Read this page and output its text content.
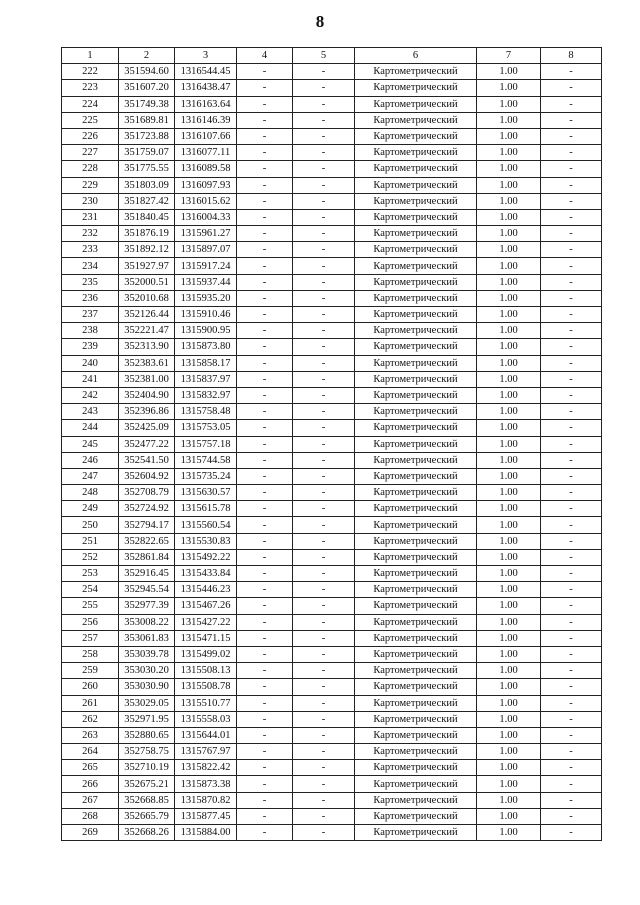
8
1	2	3	4	5	6	7	8
222	351594.60	1316544.45	-	-	Картометрический	1.00	-
223	351607.20	1316438.47	-	-	Картометрический	1.00	-
224	351749.38	1316163.64	-	-	Картометрический	1.00	-
225	351689.81	1316146.39	-	-	Картометрический	1.00	-
226	351723.88	1316107.66	-	-	Картометрический	1.00	-
227	351759.07	1316077.11	-	-	Картометрический	1.00	-
228	351775.55	1316089.58	-	-	Картометрический	1.00	-
229	351803.09	1316097.93	-	-	Картометрический	1.00	-
230	351827.42	1316015.62	-	-	Картометрический	1.00	-
231	351840.45	1316004.33	-	-	Картометрический	1.00	-
232	351876.19	1315961.27	-	-	Картометрический	1.00	-
233	351892.12	1315897.07	-	-	Картометрический	1.00	-
234	351927.97	1315917.24	-	-	Картометрический	1.00	-
235	352000.51	1315937.44	-	-	Картометрический	1.00	-
236	352010.68	1315935.20	-	-	Картометрический	1.00	-
237	352126.44	1315910.46	-	-	Картометрический	1.00	-
238	352221.47	1315900.95	-	-	Картометрический	1.00	-
239	352313.90	1315873.80	-	-	Картометрический	1.00	-
240	352383.61	1315858.17	-	-	Картометрический	1.00	-
241	352381.00	1315837.97	-	-	Картометрический	1.00	-
242	352404.90	1315832.97	-	-	Картометрический	1.00	-
243	352396.86	1315758.48	-	-	Картометрический	1.00	-
244	352425.09	1315753.05	-	-	Картометрический	1.00	-
245	352477.22	1315757.18	-	-	Картометрический	1.00	-
246	352541.50	1315744.58	-	-	Картометрический	1.00	-
247	352604.92	1315735.24	-	-	Картометрический	1.00	-
248	352708.79	1315630.57	-	-	Картометрический	1.00	-
249	352724.92	1315615.78	-	-	Картометрический	1.00	-
250	352794.17	1315560.54	-	-	Картометрический	1.00	-
251	352822.65	1315530.83	-	-	Картометрический	1.00	-
252	352861.84	1315492.22	-	-	Картометрический	1.00	-
253	352916.45	1315433.84	-	-	Картометрический	1.00	-
254	352945.54	1315446.23	-	-	Картометрический	1.00	-
255	352977.39	1315467.26	-	-	Картометрический	1.00	-
256	353008.22	1315427.22	-	-	Картометрический	1.00	-
257	353061.83	1315471.15	-	-	Картометрический	1.00	-
258	353039.78	1315499.02	-	-	Картометрический	1.00	-
259	353030.20	1315508.13	-	-	Картометрический	1.00	-
260	353030.90	1315508.78	-	-	Картометрический	1.00	-
261	353029.05	1315510.77	-	-	Картометрический	1.00	-
262	352971.95	1315558.03	-	-	Картометрический	1.00	-
263	352880.65	1315644.01	-	-	Картометрический	1.00	-
264	352758.75	1315767.97	-	-	Картометрический	1.00	-
265	352710.19	1315822.42	-	-	Картометрический	1.00	-
266	352675.21	1315873.38	-	-	Картометрический	1.00	-
267	352668.85	1315870.82	-	-	Картометрический	1.00	-
268	352665.79	1315877.45	-	-	Картометрический	1.00	-
269	352668.26	1315884.00	-	-	Картометрический	1.00	-
